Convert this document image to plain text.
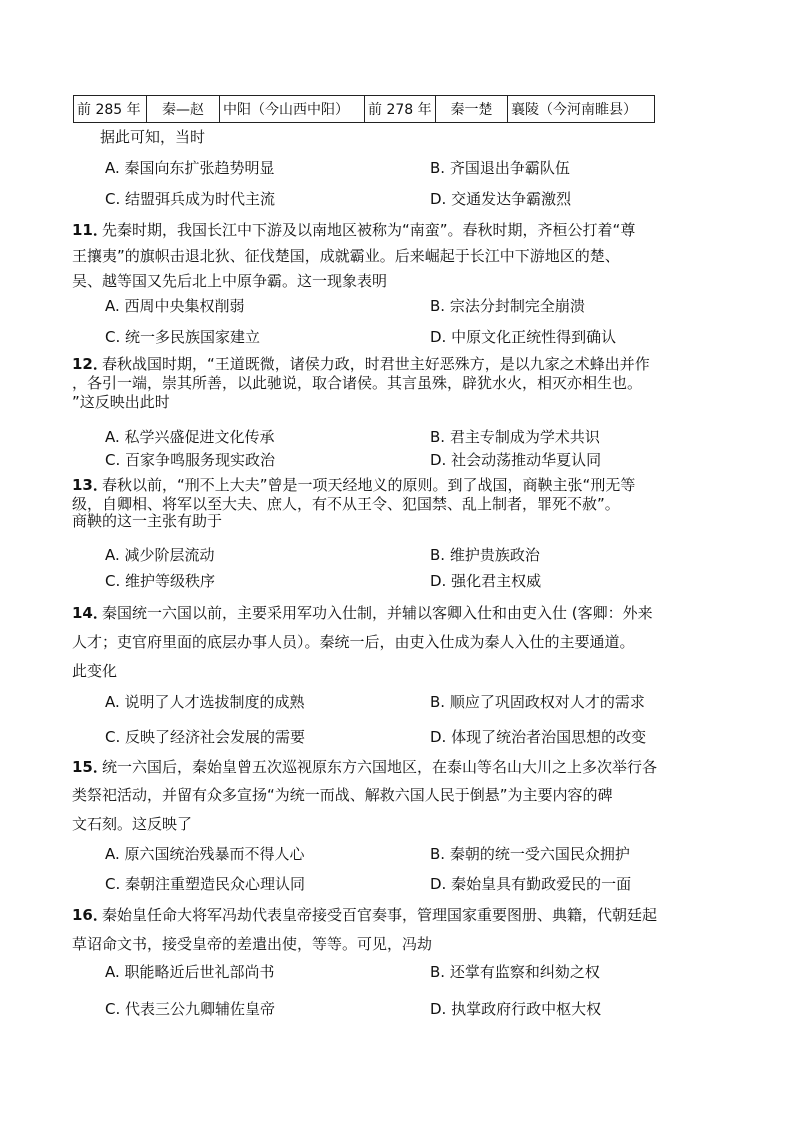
前 285 年	秦—赵	中阳（今山西中阳）	前 278 年	秦一楚	襄陵（今河南睢县）
据此可知，当时
A. 秦国向东扩张趋势明显	B. 齐国退出争霸队伍
C. 结盟弭兵成为时代主流	D. 交通发达争霸激烈
11．
先秦时期，我国长江中下游及以南地区被称为“南蛮”。春秋时期，齐桓公打着“尊
王攘夷”的旗帜击退北狄、征伐楚国，成就霸业。后来崛起于长江中下游地区的楚、
吴、越等国又先后北上中原争霸。这一现象表明
A. 西周中央集权削弱	B. 宗法分封制完全崩溃
C. 统一多民族国家建立	D. 中原文化正统性得到确认
12．
春秋战国时期，“王道既微，诸侯力政，时君世主好恶殊方，是以九家之术蜂出并作
，各引一端，崇其所善，以此驰说，取合诸侯。其言虽殊，辟犹水火，相灭亦相生也。
”这反映出此时
A. 私学兴盛促进文化传承	B. 君主专制成为学术共识
C. 百家争鸣服务现实政治	D. 社会动荡推动华夏认同
13．
春秋以前，“刑不上大夫”曾是一项天经地义的原则。到了战国，商鞅主张“刑无等
级，自卿相、将军以至大夫、庶人，有不从王令、犯国禁、乱上制者，罪死不赦”。
商鞅的这一主张有助于
A. 减少阶层流动	B. 维护贵族政治
C. 维护等级秩序	D. 强化君主权威
14．
秦国统一六国以前，主要采用军功入仕制，并辅以客卿入仕和由吏入仕 (客卿：外来
人才；吏官府里面的底层办事人员）。秦统一后，由吏入仕成为秦人入仕的主要通道。
此变化
A. 说明了人才选拔制度的成熟	B. 顺应了巩固政权对人才的需求
C. 反映了经济社会发展的需要	D. 体现了统治者治国思想的改变
15．
统一六国后，秦始皇曾五次巡视原东方六国地区，在泰山等名山大川之上多次举行各
类祭祀活动，并留有众多宣扬“为统一而战、解救六国人民于倒悬”为主要内容的碑
文石刻。这反映了
A. 原六国统治残暴而不得人心	B. 秦朝的统一受六国民众拥护
C. 秦朝注重塑造民众心理认同	D. 秦始皇具有勤政爱民的一面
16．
秦始皇任命大将军冯劫代表皇帝接受百官奏事，管理国家重要图册、典籍，代朝廷起
草诏命文书，接受皇帝的差遣出使，等等。可见，冯劫
A. 职能略近后世礼部尚书	B. 还掌有监察和纠劾之权
C. 代表三公九卿辅佐皇帝	D. 执掌政府行政中枢大权
